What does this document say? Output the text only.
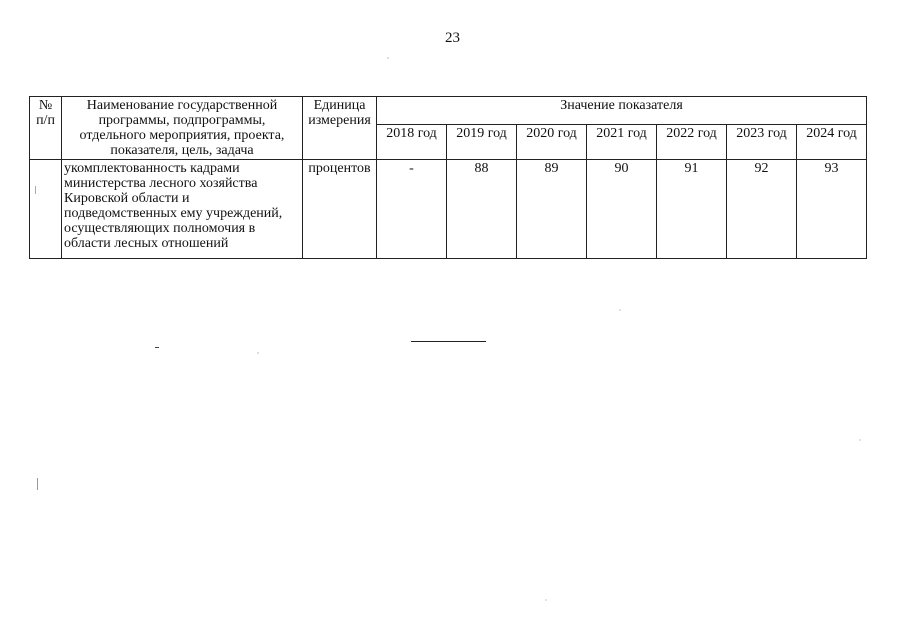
23
№ п/п	Наименование государственной программы, подпрограммы, отдельного мероприятия, проекта, показателя, цель, задача	Единица измерения	Значение показателя						
			2018 год	2019 год	2020 год	2021 год	2022 год	2023 год	2024 год
	укомплектованность кадрами министерства лесного хозяйства Кировской области и подведомственных ему учреждений, осуществляющих полномочия в области лесных отношений	процентов	-	88	89	90	91	92	93
